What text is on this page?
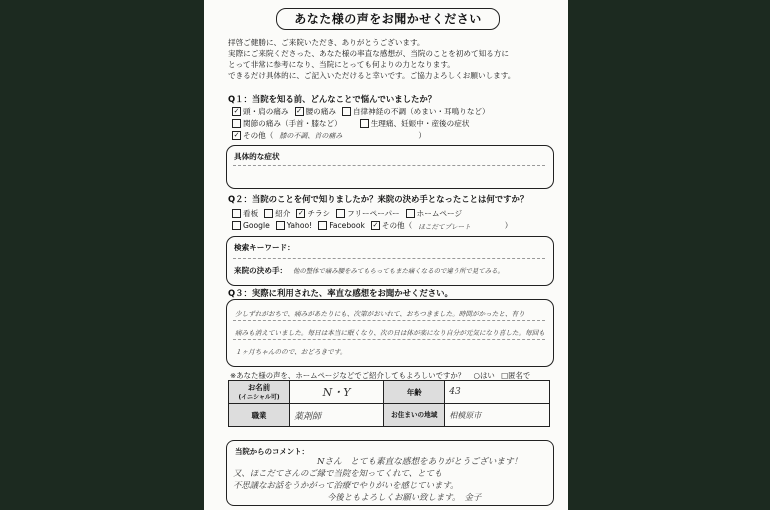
あなた様の声をお聞かせください
拝啓ご健勝に、ご来院いただき、ありがとうございます。
実際にご来院くださった、あなた様の率直な感想が、当院のことを初めて知る方に
とって非常に参考になり、当院にとっても何よりの力となります。
できるだけ具体的に、ご記入いただけると幸いです。ご協力よろしくお願いします。
Q１：当院を知る前、どんなことで悩んでいましたか？
✓ 頭・肩の痛み ✓ 腰の痛み 自律神経の不調（めまい・耳鳴りなど）
関節の痛み（手首・膝など）	生理痛、妊娠中・産後の症状
✓ その他（ 膝の不調、首の痛み	）
具体的な症状
Q２：当院のことを何で知りましたか？来院の決め手となったことは何ですか？
看板 紹介 ✓ チラシ フリーペーパー ホームページ
Google Yahoo! Facebook ✓ その他（ ほこだてプレート	）
検索キーワード：
来院の決め手： 他の整体で痛み腰をみてもらってもまた痛くなるので違う所で見てみる。
Q３：実際に利用された、率直な感想をお聞かせください。
少しずれがおちで、痛みがあたりにも、次第がおいれて、おちつきました。時間がかったと、有り
痛みも消えていました。毎日は本当に眠くなり、次の日は体が楽になり自分が元気になり喜した。毎回も
１ヶ月ちゃんのので、おどろきです。
※あなた様の声を、ホームページなどでご紹介してもよろしいですか？ ○はい □匿名で
お名前
(イニシャル可)	N・Y	年齢	43
職業	薬剤師	お住まいの地域	相模原市
当院からのコメント：
Nさん　とても素直な感想をありがとうございます！
又、ほこだてさんのご縁で当院を知ってくれて、とても
不思議なお話をうかがって治療でやりがいを感じています。
今後ともよろしくお願い致します。　金子
